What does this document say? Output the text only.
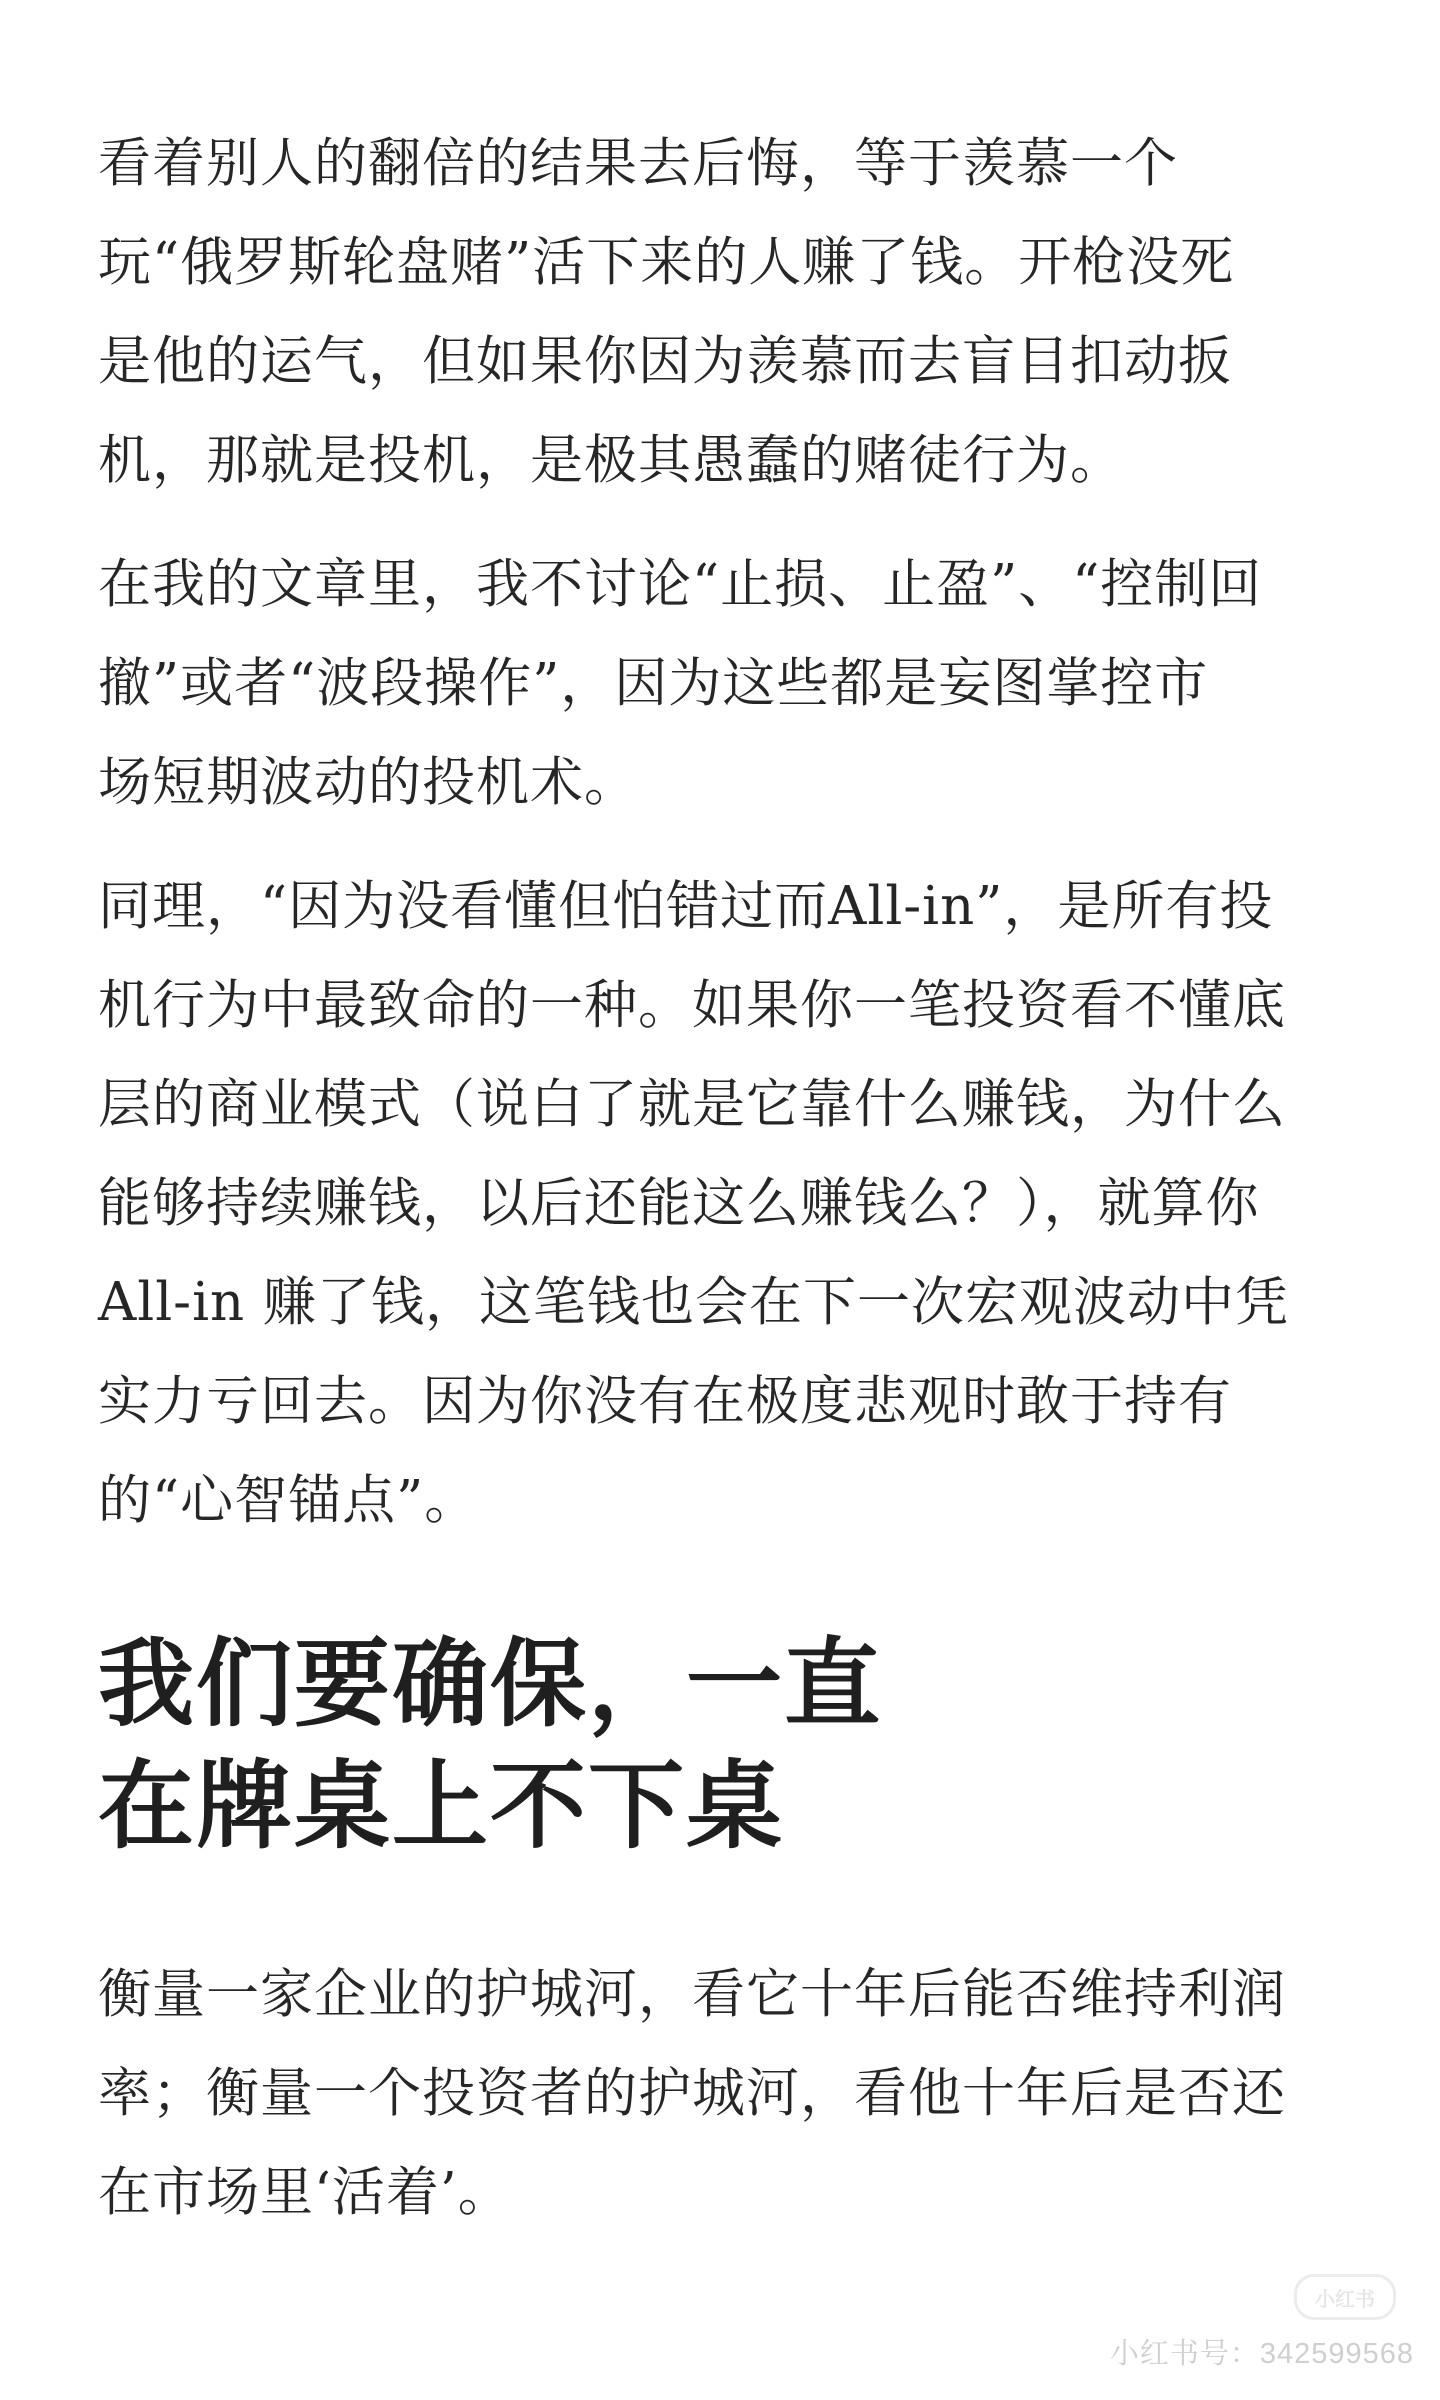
看着别人的翻倍的结果去后悔，等于羡慕一个
玩“俄罗斯轮盘赌”活下来的人赚了钱。开枪没死
是他的运气，但如果你因为羡慕而去盲目扣动扳
机，那就是投机，是极其愚蠢的赌徒行为。

在我的文章里，我不讨论“止损、止盈”、“控制回
撤”或者“波段操作”，因为这些都是妄图掌控市
场短期波动的投机术。

同理，“因为没看懂但怕错过而All-in”，是所有投
机行为中最致命的一种。如果你一笔投资看不懂底
层的商业模式（说白了就是它靠什么赚钱，为什么
能够持续赚钱，以后还能这么赚钱么？），就算你
All-in 赚了钱，这笔钱也会在下一次宏观波动中凭
实力亏回去。因为你没有在极度悲观时敢于持有
的“心智锚点”。

我们要确保，一直
在牌桌上不下桌

衡量一家企业的护城河，看它十年后能否维持利润
率；衡量一个投资者的护城河，看他十年后是否还
在市场里‘活着’。

小红书
小红书号：342599568
